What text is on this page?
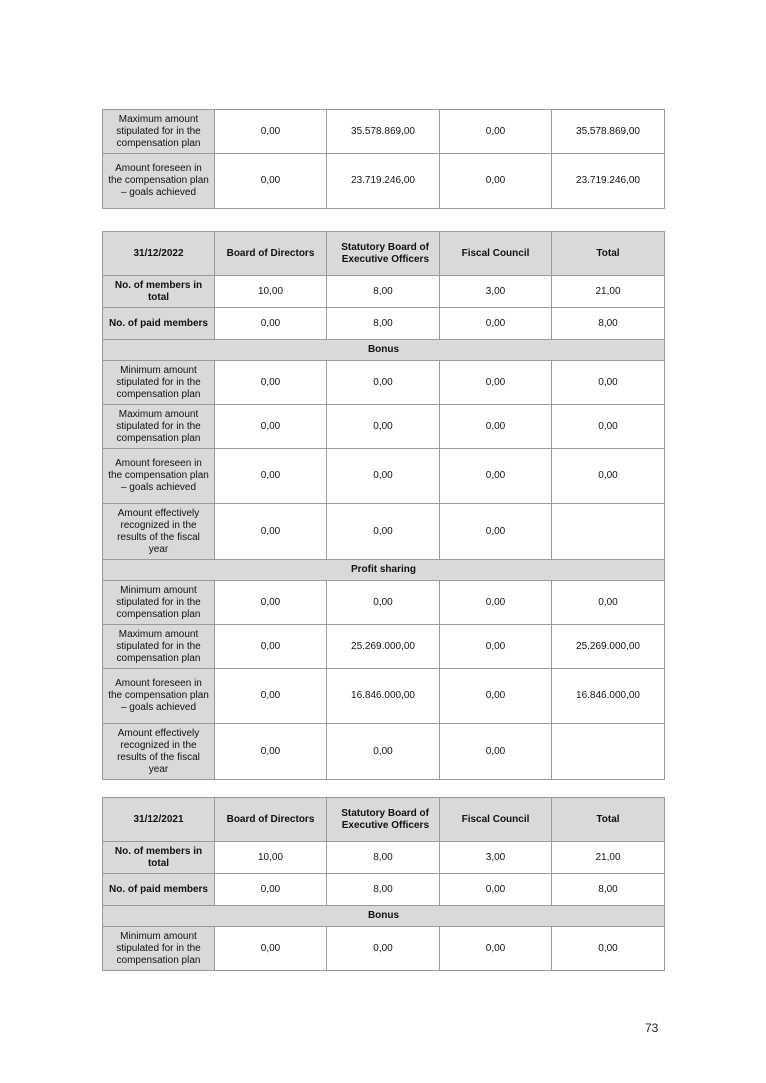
Maximum amount stipulated for in the compensation plan	0,00	35.578.869,00	0,00	35.578.869,00
Amount foreseen in the compensation plan – goals achieved	0,00	23.719.246,00	0,00	23.719.246,00
31/12/2022	Board of Directors	Statutory Board of Executive Officers	Fiscal Council	Total
No. of members in total	10,00	8,00	3,00	21,00
No. of paid members	0,00	8,00	0,00	8,00
Bonus				
Minimum amount stipulated for in the compensation plan	0,00	0,00	0,00	0,00
Maximum amount stipulated for in the compensation plan	0,00	0,00	0,00	0,00
Amount foreseen in the compensation plan – goals achieved	0,00	0,00	0,00	0,00
Amount effectively recognized in the results of the fiscal year	0,00	0,00	0,00	
Profit sharing				
Minimum amount stipulated for in the compensation plan	0,00	0,00	0,00	0,00
Maximum amount stipulated for in the compensation plan	0,00	25.269.000,00	0,00	25.269.000,00
Amount foreseen in the compensation plan – goals achieved	0,00	16.846.000,00	0,00	16.846.000,00
Amount effectively recognized in the results of the fiscal year	0,00	0,00	0,00	
31/12/2021	Board of Directors	Statutory Board of Executive Officers	Fiscal Council	Total
No. of members in total	10,00	8,00	3,00	21,00
No. of paid members	0,00	8,00	0,00	8,00
Bonus				
Minimum amount stipulated for in the compensation plan	0,00	0,00	0,00	0,00
73
